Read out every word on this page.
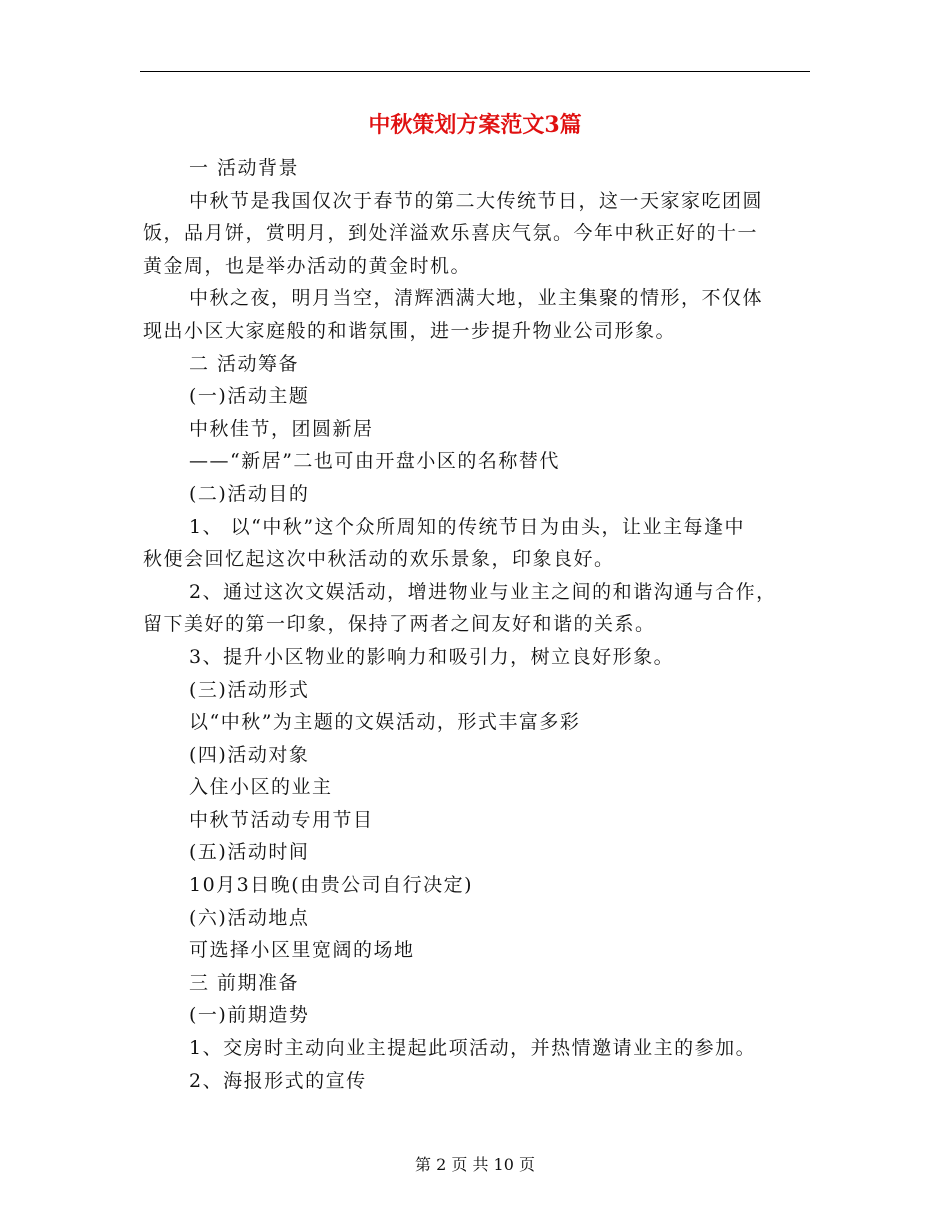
中秋策划方案范文3篇
一 活动背景
中秋节是我国仅次于春节的第二大传统节日，这一天家家吃团圆
饭，品月饼，赏明月，到处洋溢欢乐喜庆气氛。今年中秋正好的十一
黄金周，也是举办活动的黄金时机。
中秋之夜，明月当空，清辉洒满大地，业主集聚的情形，不仅体
现出小区大家庭般的和谐氛围，进一步提升物业公司形象。
二 活动筹备
(一)活动主题
中秋佳节，团圆新居
——“新居”二也可由开盘小区的名称替代
(二)活动目的
1、 以“中秋”这个众所周知的传统节日为由头，让业主每逢中
秋便会回忆起这次中秋活动的欢乐景象，印象良好。
2、通过这次文娱活动，增进物业与业主之间的和谐沟通与合作，
留下美好的第一印象，保持了两者之间友好和谐的关系。
3、提升小区物业的影响力和吸引力，树立良好形象。
(三)活动形式
以“中秋”为主题的文娱活动，形式丰富多彩
(四)活动对象
入住小区的业主
中秋节活动专用节目
(五)活动时间
10月3日晚(由贵公司自行决定)
(六)活动地点
可选择小区里宽阔的场地
三 前期准备
(一)前期造势
1、交房时主动向业主提起此项活动，并热情邀请业主的参加。
2、海报形式的宣传
第 2 页 共 10 页
